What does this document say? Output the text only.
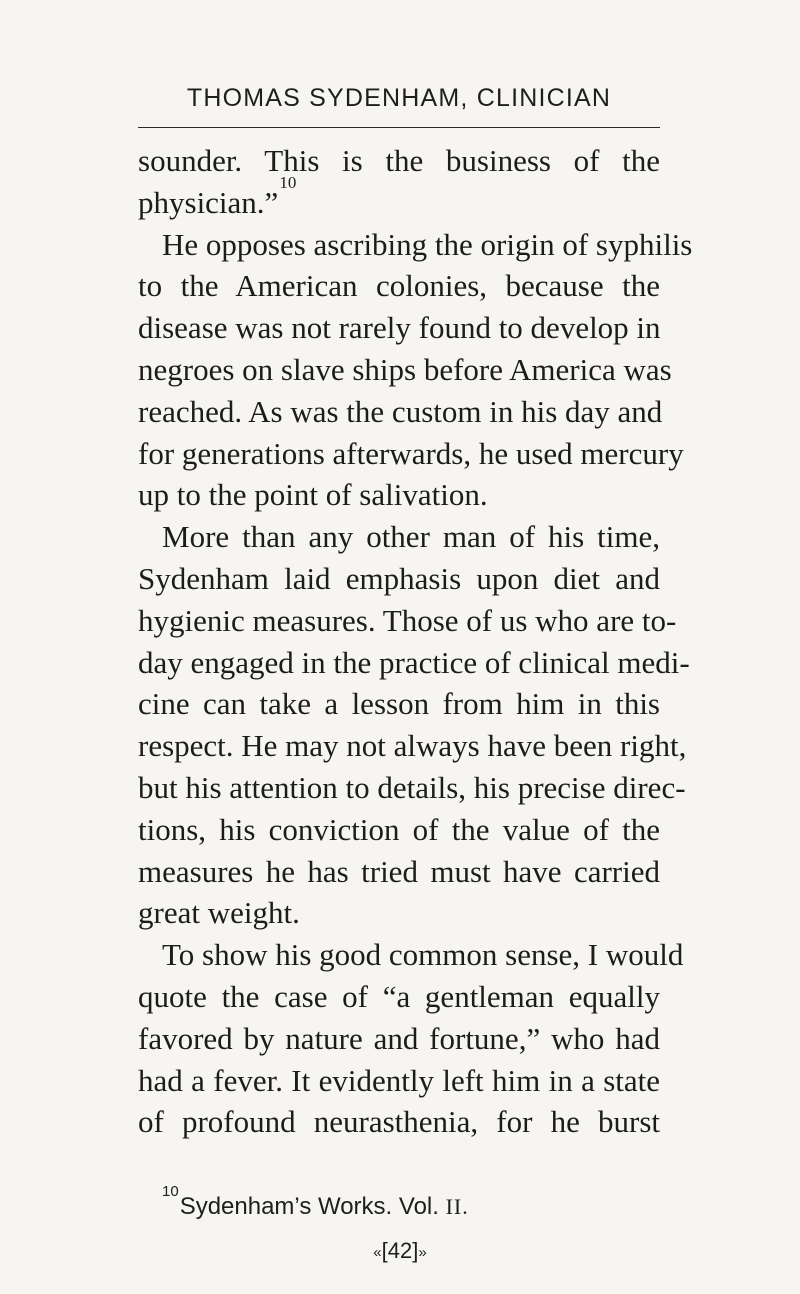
THOMAS SYDENHAM, CLINICIAN
sounder. This is the business of the
physician.”$^{10}$
He opposes ascribing the origin of syphilis
to the American colonies, because the
disease was not rarely found to develop in
negroes on slave ships before America was
reached. As was the custom in his day and
for generations afterwards, he used mercury
up to the point of salivation.
More than any other man of his time,
Sydenham laid emphasis upon diet and
hygienic measures. Those of us who are to-
day engaged in the practice of clinical medi-
cine can take a lesson from him in this
respect. He may not always have been right,
but his attention to details, his precise direc-
tions, his conviction of the value of the
measures he has tried must have carried
great weight.
To show his good common sense, I would
quote the case of “a gentleman equally
favored by nature and fortune,” who had
had a fever. It evidently left him in a state
of profound neurasthenia, for he burst
$^{10}$Sydenham’s Works. Vol. II.
«[42]»
